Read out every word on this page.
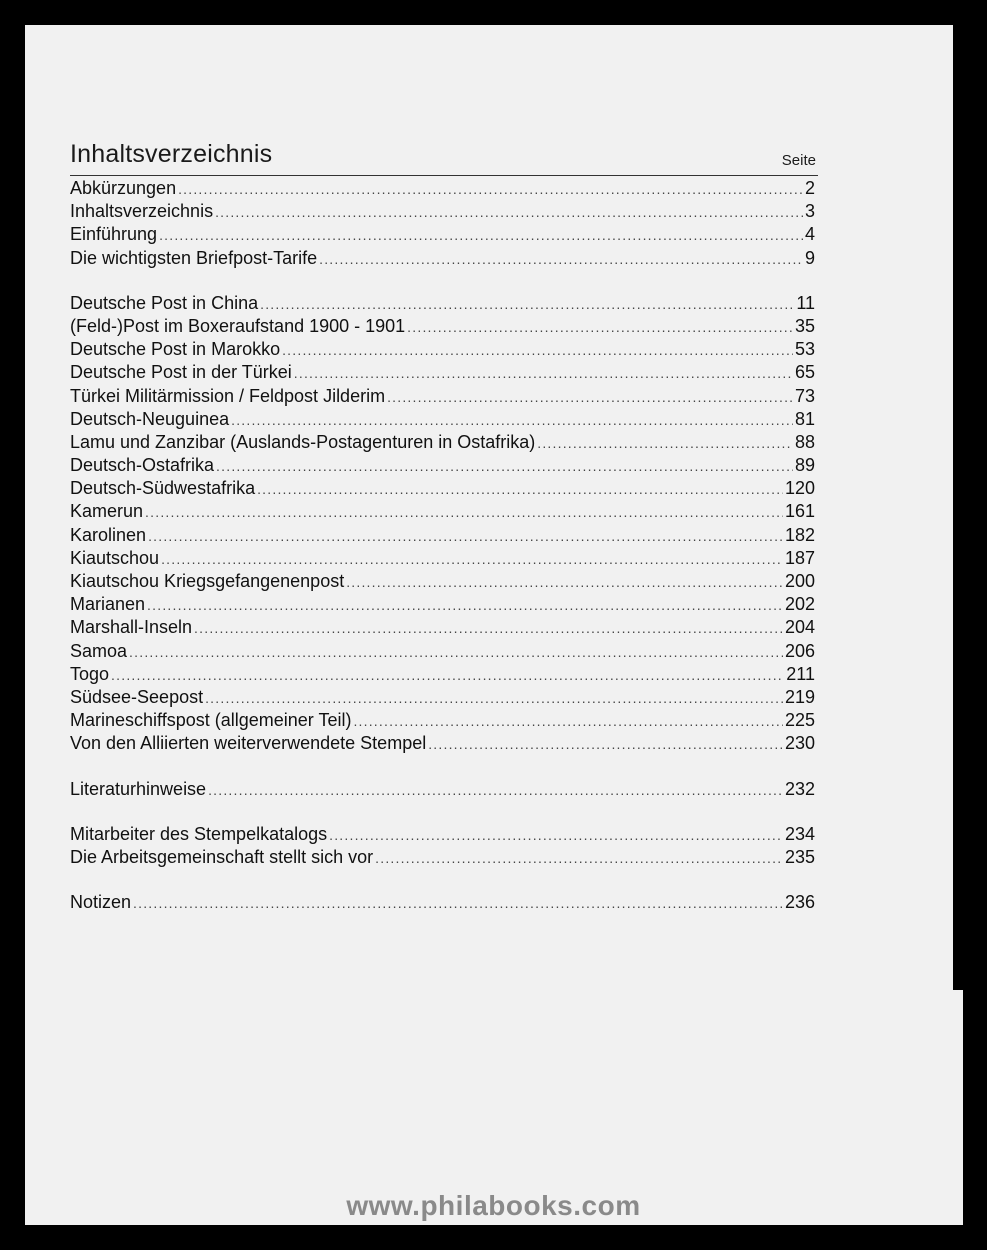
Inhaltsverzeichnis	Seite
Abkürzungen .....	2
Inhaltsverzeichnis .....	3
Einführung .....	4
Die wichtigsten Briefpost-Tarife .....	9
Deutsche Post in China .....	11
(Feld-)Post im Boxeraufstand 1900 - 1901 .....	35
Deutsche Post in Marokko .....	53
Deutsche Post in der Türkei .....	65
Türkei Militärmission / Feldpost Jilderim .....	73
Deutsch-Neuguinea .....	81
Lamu und Zanzibar (Auslands-Postagenturen in Ostafrika) .....	88
Deutsch-Ostafrika .....	89
Deutsch-Südwestafrika .....	120
Kamerun .....	161
Karolinen .....	182
Kiautschou .....	187
Kiautschou Kriegsgefangenenpost .....	200
Marianen .....	202
Marshall-Inseln .....	204
Samoa .....	206
Togo .....	211
Südsee-Seepost .....	219
Marineschiffspost (allgemeiner Teil) .....	225
Von den Alliierten weiterverwendete Stempel .....	230
Literaturhinweise .....	232
Mitarbeiter des Stempelkatalogs .....	234
Die Arbeitsgemeinschaft stellt sich vor .....	235
Notizen .....	236
www.philabooks.com
